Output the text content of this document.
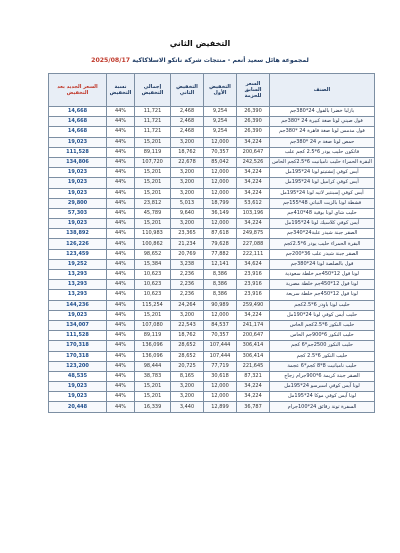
التخفيض الثاني
لمجموعة هائل سعيد أنعم - منتجات شركة ناتكو الاسلاكاكية 2025/08/17
الصنف	السعر السابق للحزمة	التخفيض الأول	التخفيض الثاني	إجمالي التخفيض	نسبة التخفيض	السعر الجديد بعد التخفيض
بازلبا خضرا بالفول 24*380جم	26,390	9,254	2,468	11,721	44%	14,668
فول صيني لونا صغة كبيرة 24 *380جم	26,390	9,254	2,468	11,721	44%	14,668
فول مدمس لونا صغة قاهرة 24 *380جم	26,390	9,254	2,468	11,721	44%	14,668
حمص لونا صغة م 24 *380جم	34,224	12,000	3,200	15,201	44%	19,023
فاتكون حليب يودر 6*2.5 كجم علب	200,647	70,357	18,762	89,119	44%	111,528
البقرة الحمراء حليب ناميانيت 6*2.5كجم الحاس	242,526	85,042	22,678	107,720	44%	134,806
أيس كوفي إنشتيتو لونا 24*195مل	34,224	12,000	3,200	15,201	44%	19,023
أيس كوفي كراميل لونا 24*195مل	34,224	12,000	3,200	15,201	44%	19,023
أيس كوفي إسبنتير لاتيه لونا 24*195مل	34,224	12,000	3,200	15,201	44%	19,023
فشطة لونا بالزيت النباتي 48*155جم	53,612	18,799	5,013	23,812	44%	29,800
حليب شاي لونا بوقية 48*410جم	103,196	36,149	9,640	45,789	44%	57,303
أيس كوفي كلاسيك لونا 24*195مل	34,224	12,000	3,200	15,201	44%	19,023
الصقر جبنة شيدر علبة24*340جم	249,875	87,618	23,365	110,983	44%	138,892
البقرة الحمراء حليب يودر 6*2.5كجم	227,088	79,628	21,234	100,862	44%	126,226
الصقر جبنة شيدر علب 36*200جم	222,111	77,882	20,769	98,652	44%	123,459
فول بالصلصة لونا 24*380جم	34,624	12,141	3,238	15,384	44%	19,252
لونا فول 12*450جم خلطة سعودية	23,916	8,386	2,236	10,623	44%	13,293
لونا فول 12*450جم خلطة مصرية	23,916	8,386	2,236	10,623	44%	13,293
لونا فول 12*450جم خلطة سريعة	23,916	8,386	2,236	10,623	44%	13,293
حليب لونا باودر 6*2.5كجم	259,490	90,989	24,264	115,254	44%	144,236
حليب أيس كوفي لونا 24*190مل	34,224	12,000	3,200	15,201	44%	19,023
حليب النكور 6*2.5كجم الحاس	241,174	84,537	22,543	107,080	44%	134,007
حليب النكور 6*900جم الحاس	200,647	70,357	18,762	89,119	44%	111,528
حليب النكور 2500جم*6 كجم	306,414	107,444	28,652	136,096	44%	170,318
حليب النكور 6*2.5 كجم	306,414	107,444	28,652	136,096	44%	170,318
حليب ناميانيت 8*8 كجم*6 عجمة	221,645	77,719	20,725	98,444	44%	123,200
الصقر جبنة كريمة 6*900جرام زجاج	87,321	30,618	8,165	38,783	44%	48,535
لونا آيس كوفي اسبرسو 24*195مل	34,224	12,000	3,200	15,201	44%	19,023
لونا آيس كوفي موكا 24*195مل	34,224	12,000	3,200	15,201	44%	19,023
السفرة تونة رقائق 24*100جرام	36,787	12,899	3,440	16,339	44%	20,448
